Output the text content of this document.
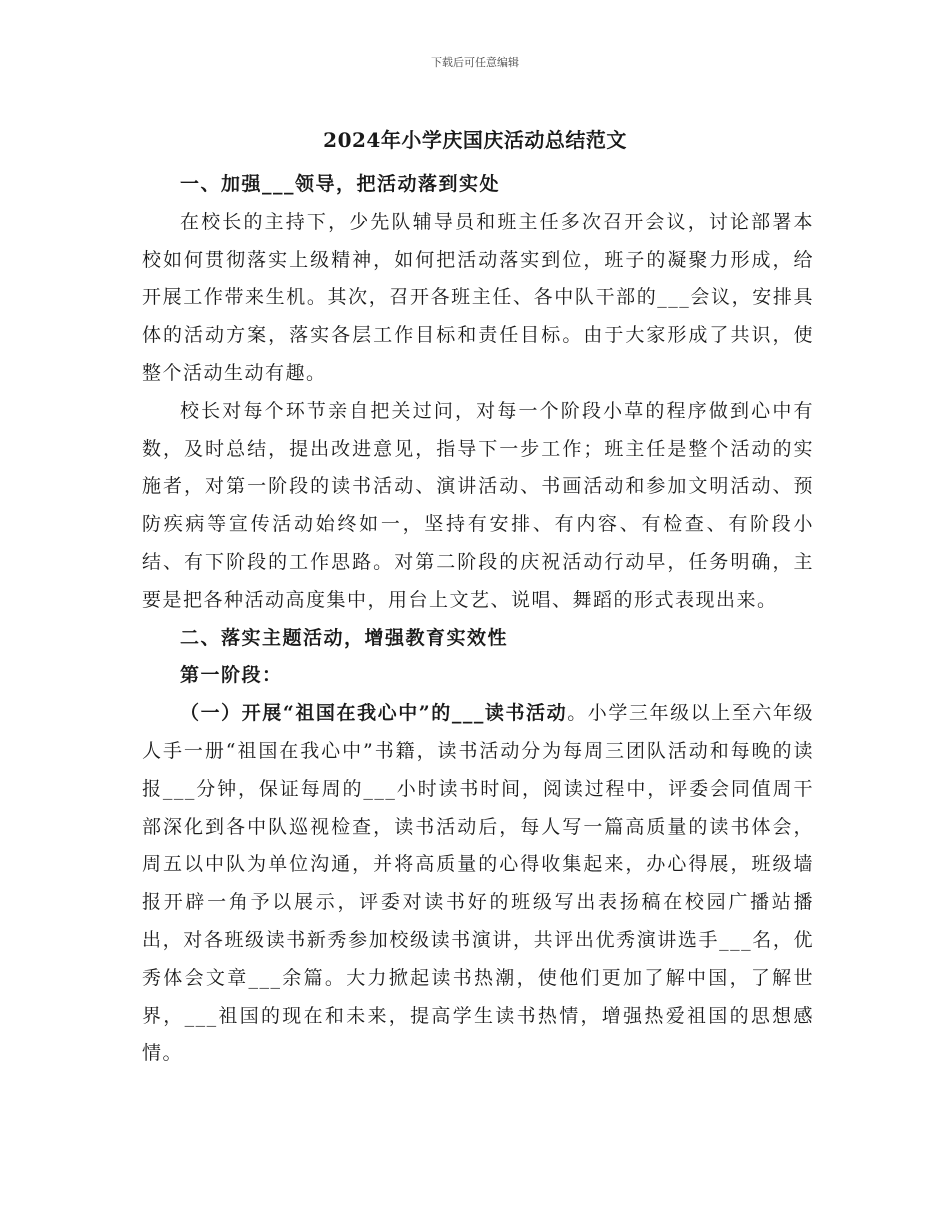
下载后可任意编辑
2024年小学庆国庆活动总结范文

一、加强___领导，把活动落到实处

在校长的主持下，少先队辅导员和班主任多次召开会议，讨论部署本校如何贯彻落实上级精神，如何把活动落实到位，班子的凝聚力形成，给开展工作带来生机。其次，召开各班主任、各中队干部的___会议，安排具体的活动方案，落实各层工作目标和责任目标。由于大家形成了共识，使整个活动生动有趣。

校长对每个环节亲自把关过问，对每一个阶段小草的程序做到心中有数，及时总结，提出改进意见，指导下一步工作；班主任是整个活动的实施者，对第一阶段的读书活动、演讲活动、书画活动和参加文明活动、预防疾病等宣传活动始终如一，坚持有安排、有内容、有检查、有阶段小结、有下阶段的工作思路。对第二阶段的庆祝活动行动早，任务明确，主要是把各种活动高度集中，用台上文艺、说唱、舞蹈的形式表现出来。

二、落实主题活动，增强教育实效性

第一阶段：

（一）开展“祖国在我心中”的___读书活动。小学三年级以上至六年级人手一册“祖国在我心中”书籍，读书活动分为每周三团队活动和每晚的读报___分钟，保证每周的___小时读书时间，阅读过程中，评委会同值周干部深化到各中队巡视检查，读书活动后，每人写一篇高质量的读书体会，周五以中队为单位沟通，并将高质量的心得收集起来，办心得展，班级墙报开辟一角予以展示，评委对读书好的班级写出表扬稿在校园广播站播出，对各班级读书新秀参加校级读书演讲，共评出优秀演讲选手___名，优秀体会文章___余篇。大力掀起读书热潮，使他们更加了解中国，了解世界，___祖国的现在和未来，提高学生读书热情，增强热爱祖国的思想感情。
